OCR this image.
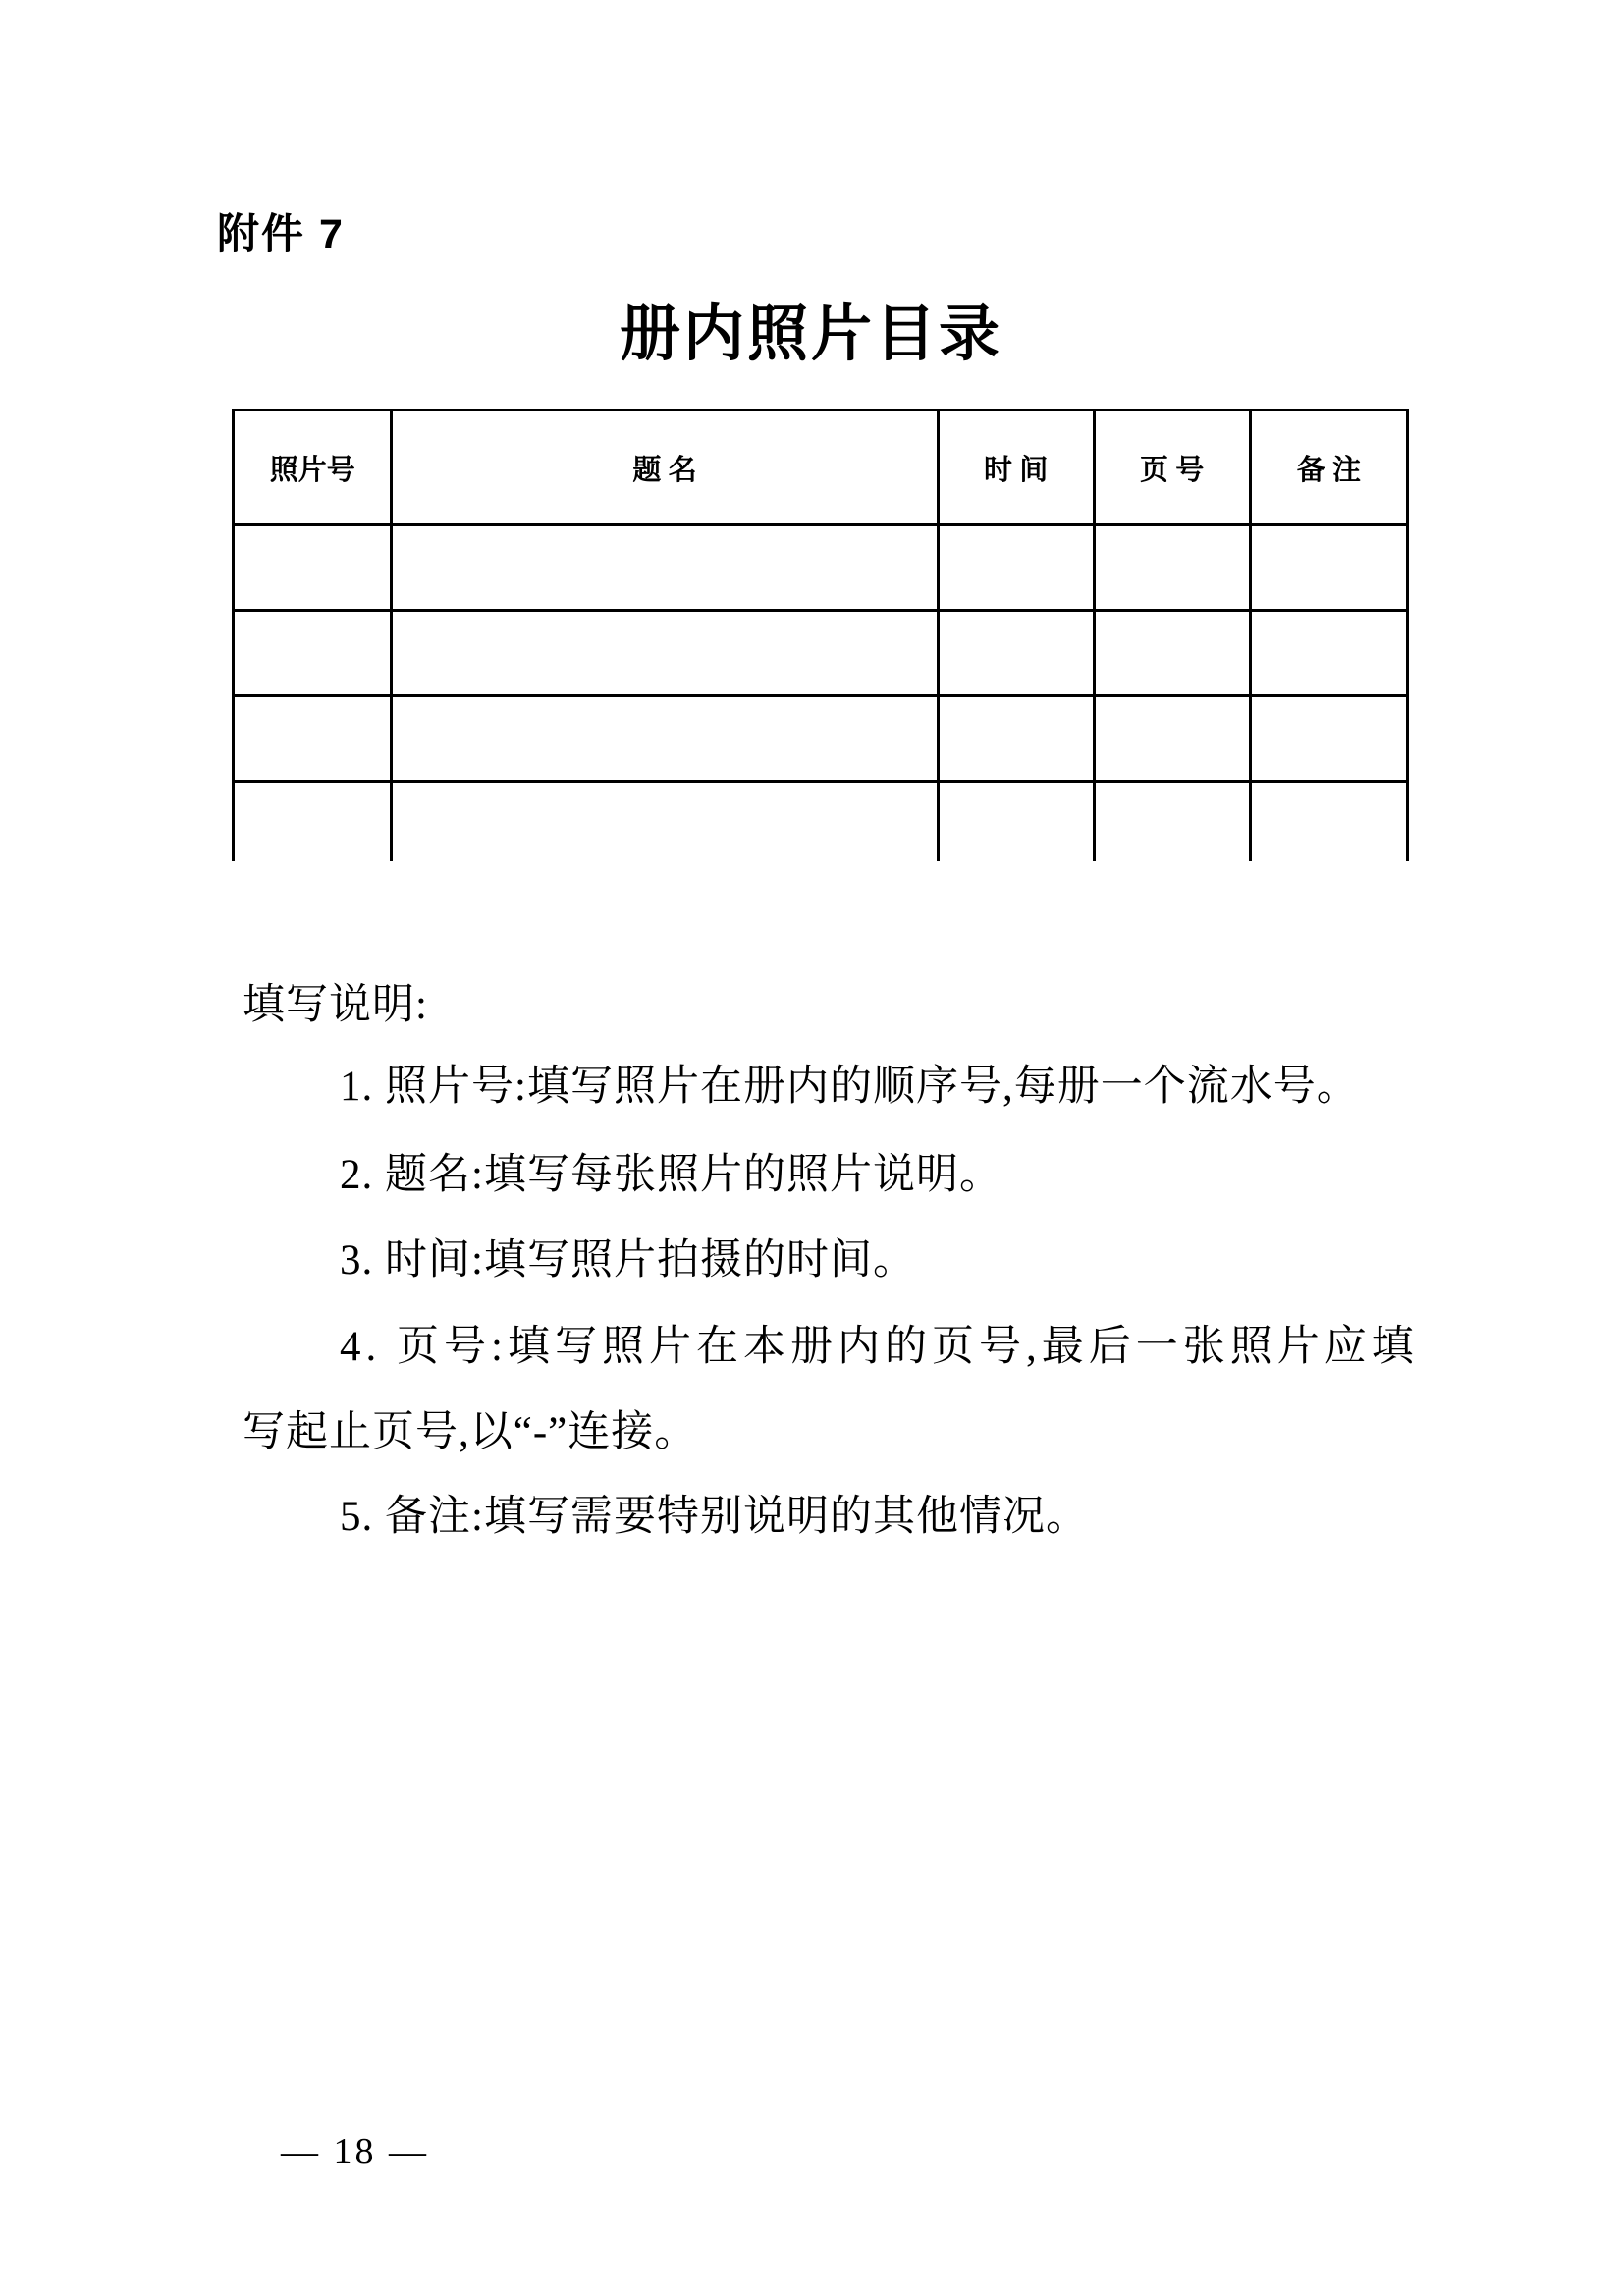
附件 7
册内照片目录
照片号	题名	时间	页号	备注

填写说明:
1. 照片号:填写照片在册内的顺序号,每册一个流水号。
2. 题名:填写每张照片的照片说明。
3. 时间:填写照片拍摄的时间。
4. 页号:填写照片在本册内的页号,最后一张照片应填
写起止页号,以“-”连接。
5. 备注:填写需要特别说明的其他情况。
— 18 —
